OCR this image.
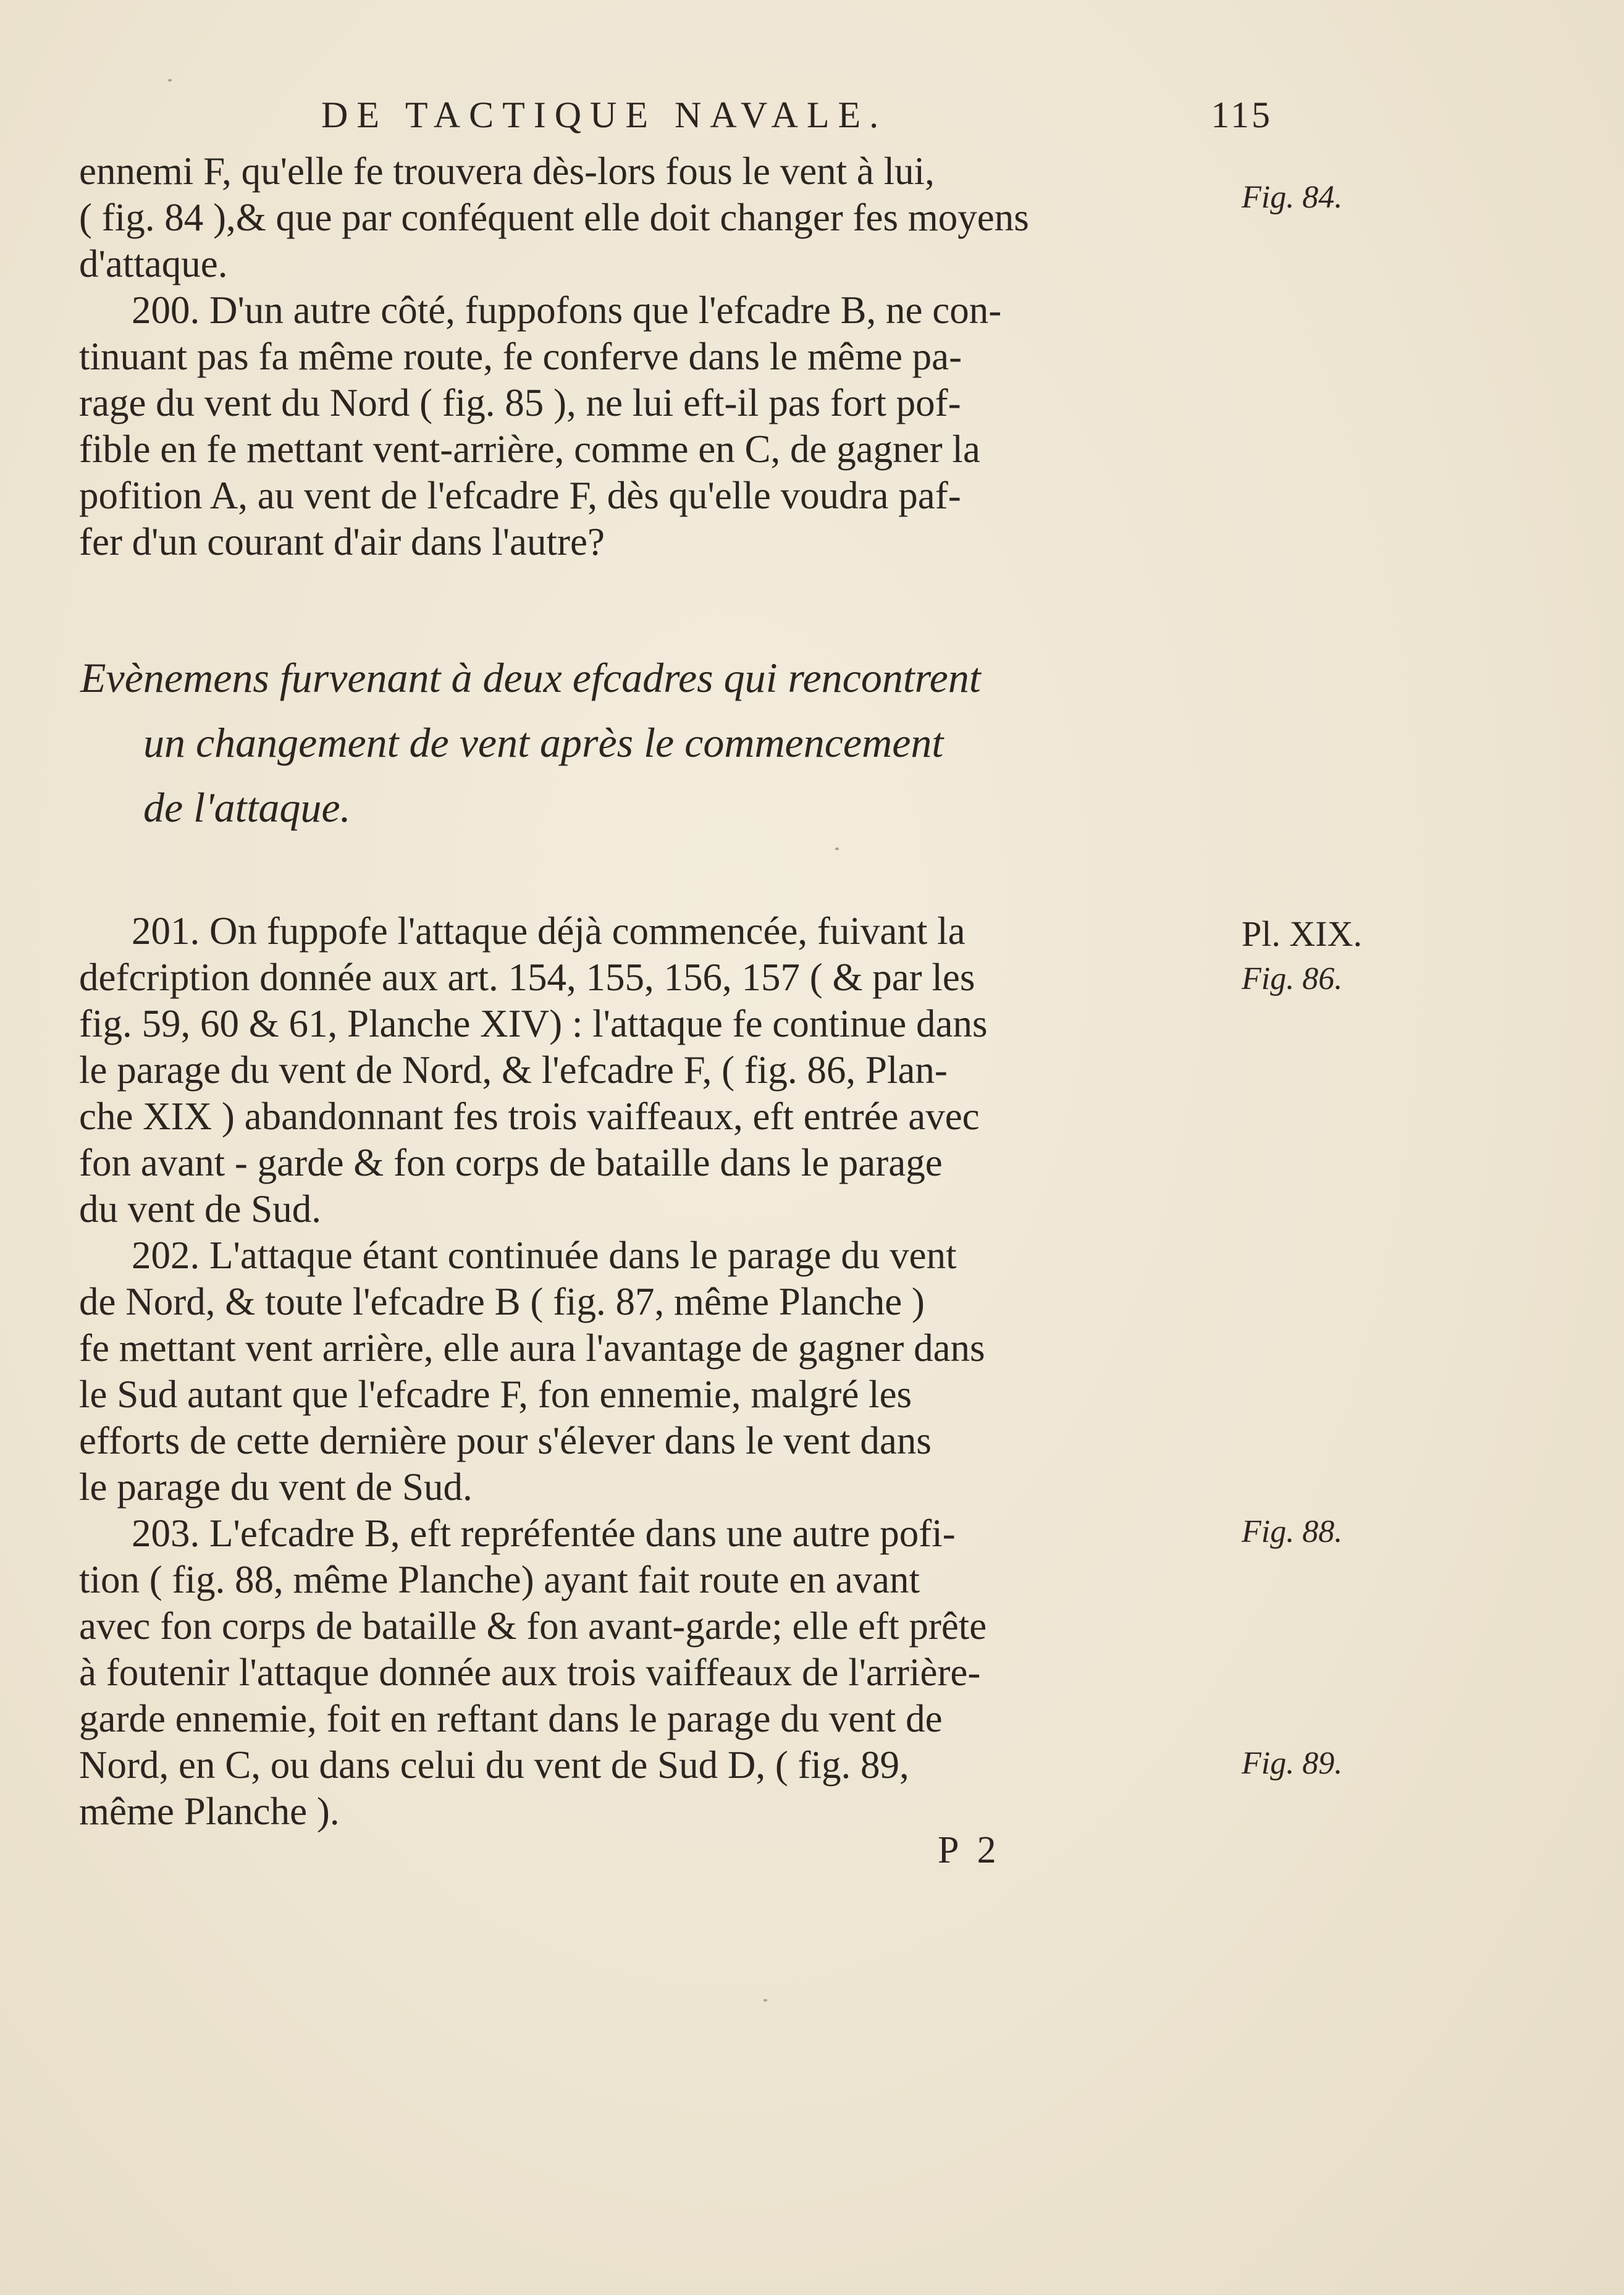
DE TACTIQUE NAVALE.	115

ennemi F, qu'elle fe trouvera dès-lors fous le vent à lui,

( fig. 84 ),& que par conféquent elle doit changer fes moyens

d'attaque.

200. D'un autre côté, fuppofons que l'efcadre B, ne con-

tinuant pas fa même route, fe conferve dans le même pa-

rage du vent du Nord ( fig. 85 ), ne lui eft-il pas fort pof-

fible en fe mettant vent-arrière, comme en C, de gagner la

pofition A, au vent de l'efcadre F, dès qu'elle voudra paf-

fer d'un courant d'air dans l'autre?

Evènemens furvenant à deux efcadres qui rencontrent
un changement de vent après le commencement
de l'attaque.

201. On fuppofe l'attaque déjà commencée, fuivant la

defcription donnée aux art. 154, 155, 156, 157 ( & par les

fig. 59, 60 & 61, Planche XIV) : l'attaque fe continue dans

le parage du vent de Nord, & l'efcadre F, ( fig. 86, Plan-

che XIX ) abandonnant fes trois vaiffeaux, eft entrée avec

fon avant - garde & fon corps de bataille dans le parage

du vent de Sud.

202. L'attaque étant continuée dans le parage du vent

de Nord, & toute l'efcadre B ( fig. 87, même Planche )

fe mettant vent arrière, elle aura l'avantage de gagner dans

le Sud autant que l'efcadre F, fon ennemie, malgré les

efforts de cette dernière pour s'élever dans le vent dans

le parage du vent de Sud.

203. L'efcadre B, eft repréfentée dans une autre pofi-

tion ( fig. 88, même Planche) ayant fait route en avant

avec fon corps de bataille & fon avant-garde; elle eft prête

à foutenir l'attaque donnée aux trois vaiffeaux de l'arrière-

garde ennemie, foit en reftant dans le parage du vent de

Nord, en C, ou dans celui du vent de Sud D, ( fig. 89,

même Planche ).

Fig. 84.
Pl. XIX.
Fig. 86.
Fig. 88.
Fig. 89.
P 2
